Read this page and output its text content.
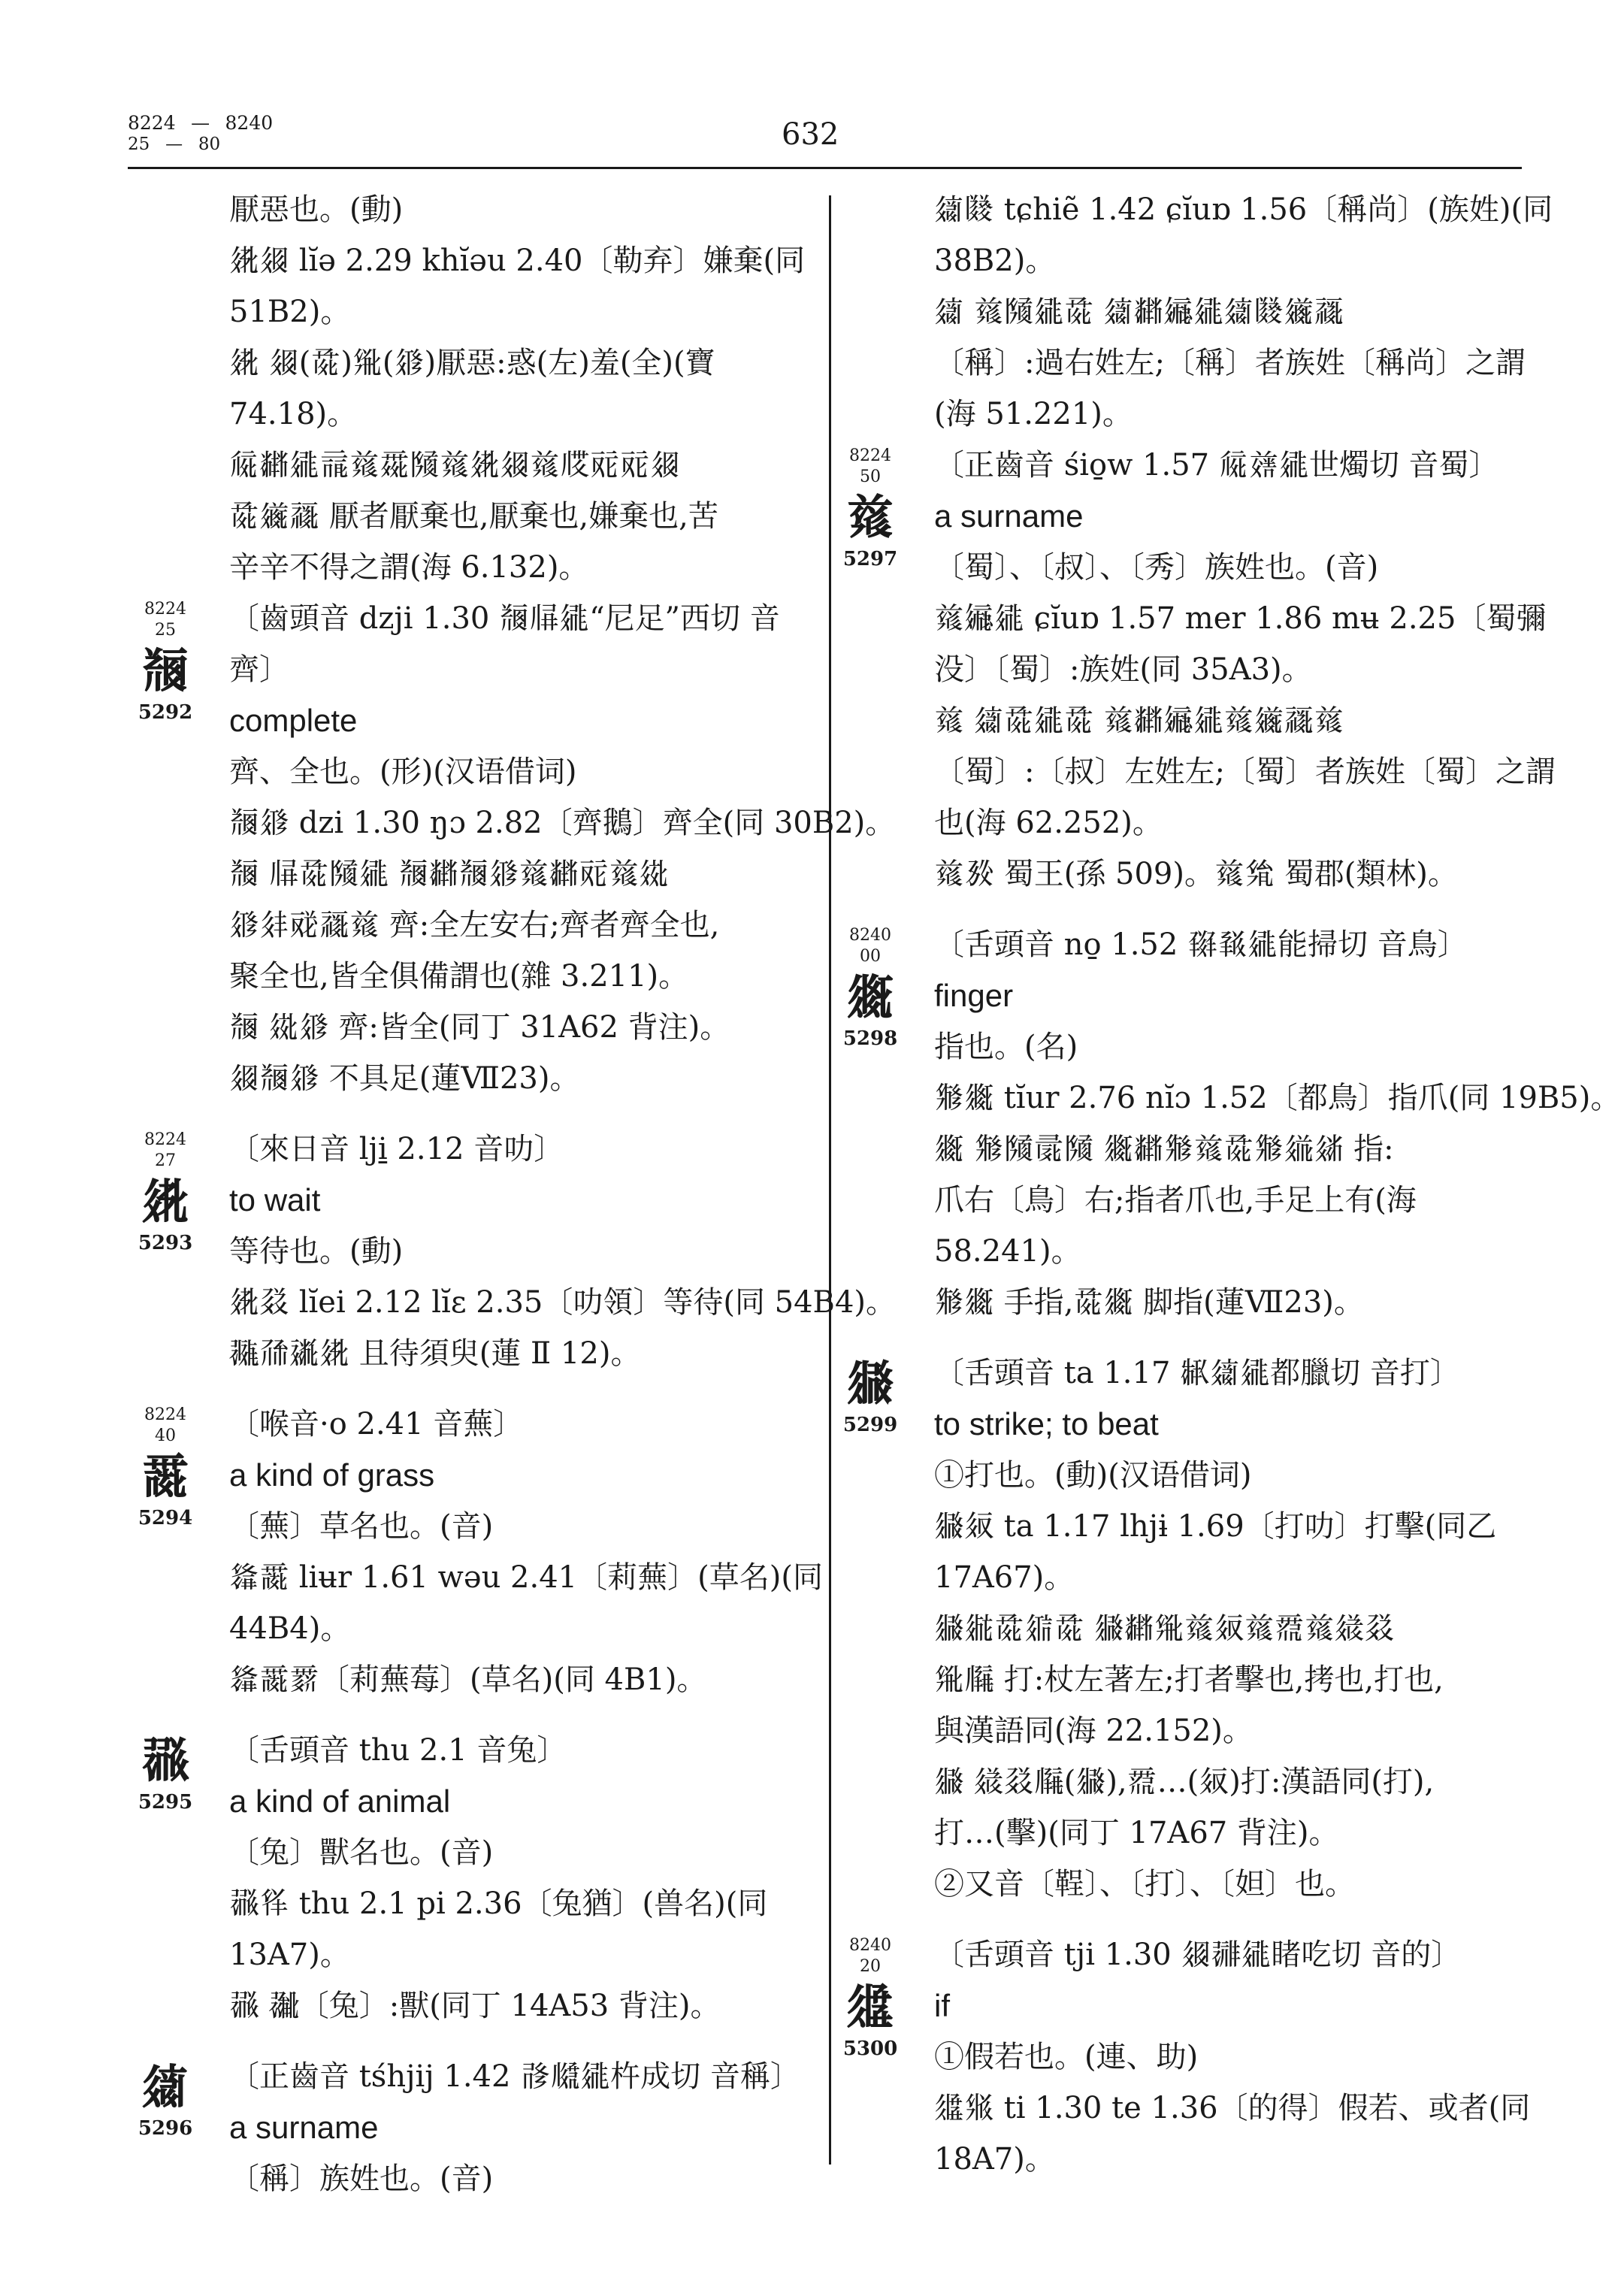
8224 — 8240
25 — 80	632
厭惡也。(動)
𗣈𗤓 lĭə 2.29 khĭəu 2.40〔勒弃〕嫌棄(同
51B2)。
𗣈 𗤓(𗱕)𗊴(𗤁)厭惡:惑(左)羞(全)(寶
74.18)。
𗏁𘂤𗧓𗄈𗒛𗴺𗂧𗒛𗣈𗤓𗒛𗅆𗠇𗠇𗤓
𗱕𗫂𗹙 厭者厭棄也,厭棄也,嫌棄也,苦
辛辛不得之謂(海 6.132)。
8224
25
𘃩
5292
〔齒頭音 dzji 1.30 𘃩𗅁𗧓“尼足”西切 音
齊〕
complete
齊、全也。(形)(汉语借词)
𘃩𗤁 dzi 1.30 ŋɔ 2.82〔齊鵝〕齊全(同 30B2)。
𘃩 𗅁𗱕𗂧𗧓 𘃩𘂤𘃩𗤁𗒛𘂤𗠇𗒛𗥞
𗤁𗢳𗠢𗹙𗒛 齊:全左安右;齊者齊全也,
聚全也,皆全俱備謂也(雜 3.211)。
𘃩 𗥞𗤁 齊:皆全(同丁 31A62 背注)。
𗤓𘃩𗤁 不具足(蓮Ⅶ23)。
8224
27
𗣈
5293
〔來日音 lji̱ 2.12 音叻〕
to wait
等待也。(動)
𗣈𗳦 lĭei 2.12 lĭɛ 2.35〔叻領〕等待(同 54B4)。
𗖵𗗙𗡶𗣈 且待須臾(蓮 Ⅱ 12)。
8224
40
𗵘
5294
〔喉音·o 2.41 音蕪〕
a kind of grass
〔蕪〕草名也。(音)
𗌮𗵘 liʉr 1.61 wəu 2.41〔莉蕪〕(草名)(同
44B4)。
𗌮𗵘𗴿〔莉蕪莓〕(草名)(同 4B1)。
𗖻
5295
〔舌頭音 thu 2.1 音兔〕
a kind of animal
〔兔〕獸名也。(音)
𗖻𗃛 thu 2.1 pi 2.36〔兔猶〕(兽名)(同
13A7)。
𗖻 𗖼〔兔〕:獸(同丁 14A53 背注)。
𗪛
5296
〔正齒音 tśhjij 1.42 𗰔𗆮𗧓杵成切 音稱〕
a surname
〔稱〕族姓也。(音)
𗪛𗃊 tɕhiẽ 1.42 ɕĭuɒ 1.56〔稱尚〕(族姓)(同
38B2)。
𗪛 𗒛𗂧𗧓𗱕 𗪛𘂤𗩾𗧓𗪛𗃊𗫂𗹙
〔稱〕:過右姓左;〔稱〕者族姓〔稱尚〕之謂
(海 51.221)。
8224
50
𗒛
5297
〔正齒音 śio̱w 1.57 𗏁𗓦𗧓世燭切 音蜀〕
a surname
〔蜀〕、〔叔〕、〔秀〕族姓也。(音)
𗒛𗩾𗧓 ɕĭuɒ 1.57 mer 1.86 mʉ 2.25〔蜀彌
没〕〔蜀〕:族姓(同 35A3)。
𗒛 𗪛𗱕𗧓𗱕 𗒛𘂤𗩾𗧓𗒛𗫂𗹙𗒛
〔蜀〕:〔叔〕左姓左;〔蜀〕者族姓〔蜀〕之謂
也(海 62.252)。
𗒛𗉔 蜀王(孫 509)。𗒛𗊽 蜀郡(類林)。
8240
00
𗼨
5298
〔舌頭音 no̱ 1.52 𗱈𗳷𗧓能掃切 音鳥〕
finger
指也。(名)
𗊬𗼨 tĭur 2.76 nĭɔ 1.52〔都鳥〕指爪(同 19B5)。
𗼨 𗊬𗂧𗕑𗂧 𗼨𘂤𗊬𗒛𗱕𗊬𗥤𗣫 指:
爪右〔鳥〕右;指者爪也,手足上有(海
58.241)。
𗊬𗼨 手指,𗱕𗼨 脚指(蓮Ⅶ23)。
𗼩
5299
〔舌頭音 ta 1.17 𗴕𗪛𗧓都臘切 音打〕
to strike; to beat
①打也。(動)(汉语借词)
𗼩𗢸 ta 1.17 lhjɨ 1.69〔打叻〕打擊(同乙
17A67)。
𗼩𗥐𗱕𗥄𗱕 𗼩𘂤𗊴𗒛𗢸𗒛𗴽𗒛𗧊𗳦
𗊴𗆘 打:杖左著左;打者擊也,拷也,打也,
與漢語同(海 22.152)。
𗼩 𗧊𗳦𗆘(𗼩),𗴽…(𗢸)打:漢語同(打),
打…(擊)(同丁 17A67 背注)。
②又音〔鞓〕、〔打〕、〔妲〕也。
8240
20
𗼪
5300
〔舌頭音 tji 1.30 𗤓𗖮𗧓睹吃切 音的〕
if
①假若也。(連、助)
𗼪𗊮 ti 1.30 te 1.36〔的得〕假若、或者(同
18A7)。
